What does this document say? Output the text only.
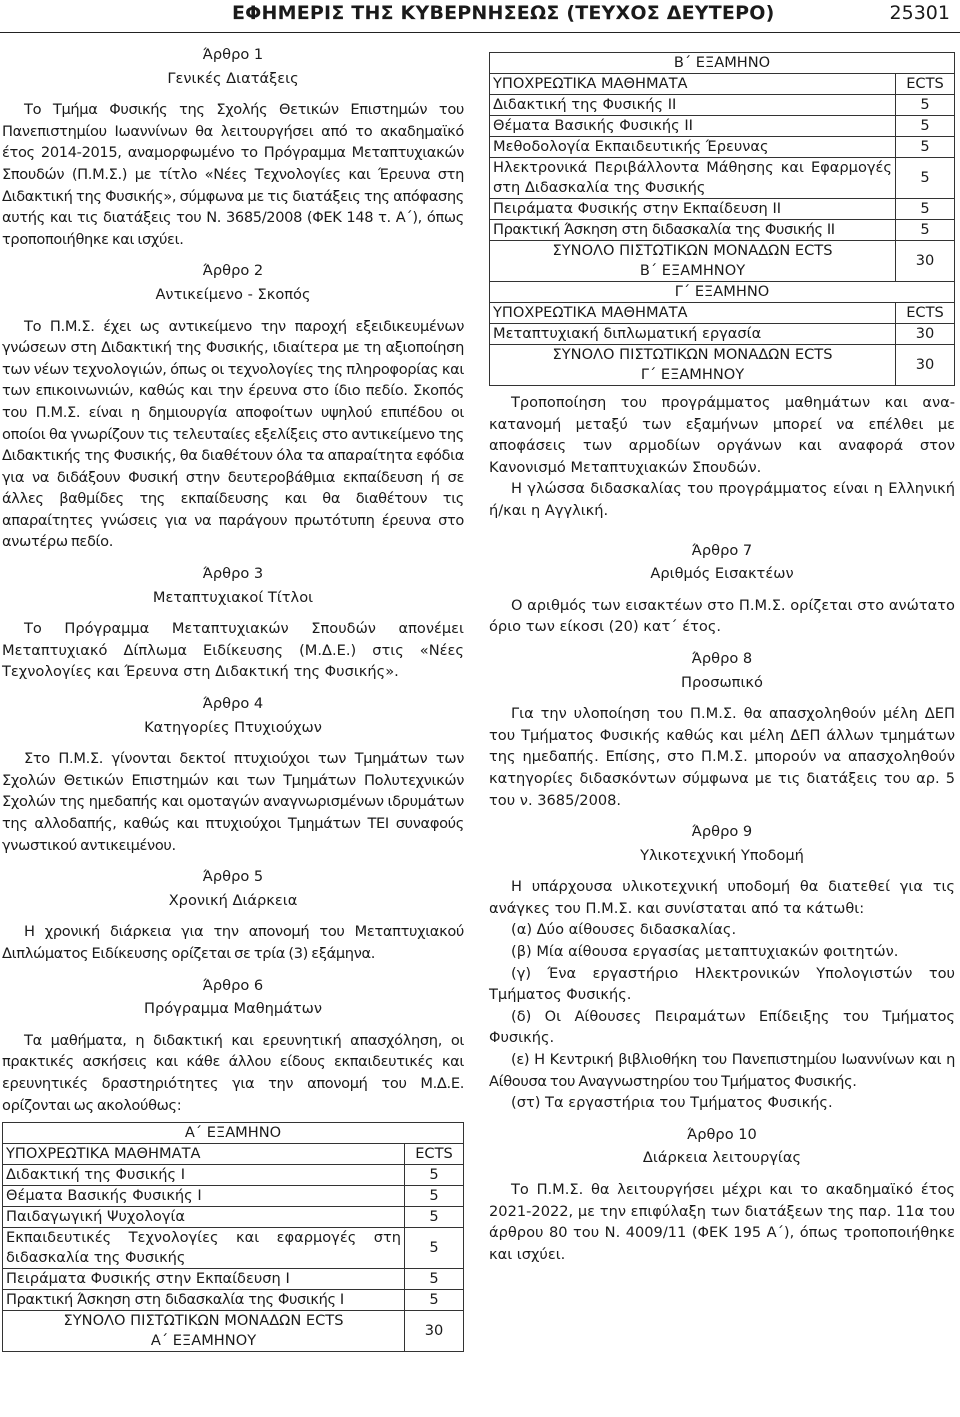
ΕΦΗΜΕΡΙΣ ΤΗΣ ΚΥΒΕΡΝΗΣΕΩΣ (ΤΕΥΧΟΣ ΔΕΥΤΕΡΟ)	25301
Άρθρο 1
Γενικές Διατάξεις

Το Τμήμα Φυσικής της Σχολής Θετικών Επιστημών του Πανεπιστημίου Ιωαννίνων θα λειτουργήσει από το ακαδημαϊκό έτος 2014-2015, αναμορφωμένο το Πρόγραμμα Μεταπτυχιακών Σπουδών (Π.Μ.Σ.) με τίτλο «Νέες Τεχνολογίες και Έρευνα στη Διδακτική της Φυσικής», σύμφωνα με τις διατάξεις της απόφασης αυτής και τις διατάξεις του Ν. 3685/2008 (ΦΕΚ 148 τ. Α΄), όπως τροποποιήθηκε και ισχύει.

Άρθρο 2
Αντικείμενο - Σκοπός

Το Π.Μ.Σ. έχει ως αντικείμενο την παροχή εξειδικευμένων γνώσεων στη Διδακτική της Φυσικής, ιδιαίτερα με τη αξιοποίηση των νέων τεχνολογιών, όπως οι τεχνολογίες της πληροφορίας και των επικοινωνιών, καθώς και την έρευνα στο ίδιο πεδίο. Σκοπός του Π.Μ.Σ. είναι η δημιουργία αποφοίτων υψηλού επιπέδου οι οποίοι θα γνωρίζουν τις τελευταίες εξελίξεις στο αντικείμενο της Διδακτικής της Φυσικής, θα διαθέτουν όλα τα απαραίτητα εφόδια για να διδάξουν Φυσική στην δευτεροβάθμια εκπαίδευση ή σε άλλες βαθμίδες της εκπαίδευσης και θα διαθέτουν τις απαραίτητες γνώσεις για να παράγουν πρωτότυπη έρευνα στο ανωτέρω πεδίο.

Άρθρο 3
Μεταπτυχιακοί Τίτλοι

Το Πρόγραμμα Μεταπτυχιακών Σπουδών απονέμει Μεταπτυχιακό Δίπλωμα Ειδίκευσης (Μ.Δ.Ε.) στις «Νέες Τεχνολογίες και Έρευνα στη Διδακτική της Φυσικής».

Άρθρο 4
Κατηγορίες Πτυχιούχων

Στο Π.Μ.Σ. γίνονται δεκτοί πτυχιούχοι των Τμημάτων των Σχολών Θετικών Επιστημών και των Τμημάτων Πολυτεχνικών Σχολών της ημεδαπής και ομοταγών αναγνωρισμένων ιδρυμάτων της αλλοδαπής, καθώς και πτυχιούχοι Τμημάτων ΤΕΙ συναφούς γνωστικού αντικειμένου.

Άρθρο 5
Χρονική Διάρκεια

Η χρονική διάρκεια για την απονομή του Μεταπτυχιακού Διπλώματος Ειδίκευσης ορίζεται σε τρία (3) εξάμηνα.

Άρθρο 6
Πρόγραμμα Μαθημάτων

Τα μαθήματα, η διδακτική και ερευνητική απασχόληση, οι πρακτικές ασκήσεις και κάθε άλλου είδους εκπαιδευτικές και ερευνητικές δραστηριότητες για την απονομή του Μ.Δ.Ε. ορίζονται ως ακολούθως:

Α΄ ΕΞΑΜΗΝΟ	
ΥΠΟΧΡΕΩΤΙΚΑ ΜΑΘΗΜΑΤΑ	ECTS
Διδακτική της Φυσικής Ι	5
Θέματα Βασικής Φυσικής Ι	5
Παιδαγωγική Ψυχολογία	5
Εκπαιδευτικές Τεχνολογίες και εφαρμογές στη διδασκαλία της Φυσικής	5
Πειράματα Φυσικής στην Εκπαίδευση Ι	5
Πρακτική Άσκηση στη διδασκαλία της Φυσικής Ι	5

ΣΥΝΟΛΟ ΠΙΣΤΩΤΙΚΩΝ ΜΟΝΑΔΩΝ ECTS
Α΄ ΕΞΑΜΗΝΟΥ	30
Β΄ ΕΞΑΜΗΝΟ	
ΥΠΟΧΡΕΩΤΙΚΑ ΜΑΘΗΜΑΤΑ	ECTS
Διδακτική της Φυσικής ΙΙ	5
Θέματα Βασικής Φυσικής ΙΙ	5
Μεθοδολογία Εκπαιδευτικής Έρευνας	5
Ηλεκτρονικά Περιβάλλοντα Μάθησης και Εφαρμογές στη Διδασκαλία της Φυσικής	5
Πειράματα Φυσικής στην Εκπαίδευση ΙΙ	5
Πρακτική Άσκηση στη διδασκαλία της Φυσικής ΙΙ	5

ΣΥΝΟΛΟ ΠΙΣΤΩΤΙΚΩΝ ΜΟΝΑΔΩΝ ECTS
Β΄ ΕΞΑΜΗΝΟΥ	30
Γ΄ ΕΞΑΜΗΝΟ	
ΥΠΟΧΡΕΩΤΙΚΑ ΜΑΘΗΜΑΤΑ	ECTS
Μεταπτυχιακή διπλωματική εργασία	30

ΣΥΝΟΛΟ ΠΙΣΤΩΤΙΚΩΝ ΜΟΝΑΔΩΝ ECTS
Γ΄ ΕΞΑΜΗΝΟΥ	30

Τροποποίηση του προγράμματος μαθημάτων και ανακατανομή μεταξύ των εξαμήνων μπορεί να επέλθει με αποφάσεις των αρμοδίων οργάνων και αναφορά στον Κανονισμό Μεταπτυχιακών Σπουδών.

Η γλώσσα διδασκαλίας του προγράμματος είναι η Ελληνική ή/και η Αγγλική.

Άρθρο 7
Αριθμός Εισακτέων

Ο αριθμός των εισακτέων στο Π.Μ.Σ. ορίζεται στο ανώτατο όριο των είκοσι (20) κατ΄ έτος.

Άρθρο 8
Προσωπικό

Για την υλοποίηση του Π.Μ.Σ. θα απασχοληθούν μέλη ΔΕΠ του Τμήματος Φυσικής καθώς και μέλη ΔΕΠ άλλων τμημάτων της ημεδαπής. Επίσης, στο Π.Μ.Σ. μπορούν να απασχοληθούν κατηγορίες διδασκόντων σύμφωνα με τις διατάξεις του αρ. 5 του ν. 3685/2008.

Άρθρο 9
Υλικοτεχνική Υποδομή

Η υπάρχουσα υλικοτεχνική υποδομή θα διατεθεί για τις ανάγκες του Π.Μ.Σ. και συνίσταται από τα κάτωθι:

(α) Δύο αίθουσες διδασκαλίας.

(β) Μία αίθουσα εργασίας μεταπτυχιακών φοιτητών.

(γ) Ένα εργαστήριο Ηλεκτρονικών Υπολογιστών του Τμήματος Φυσικής.

(δ) Οι Αίθουσες Πειραμάτων Επίδειξης του Τμήματος Φυσικής.

(ε) Η Κεντρική βιβλιοθήκη του Πανεπιστημίου Ιωαννίνων και η Αίθουσα του Αναγνωστηρίου του Τμήματος Φυσικής.

(στ) Τα εργαστήρια του Τμήματος Φυσικής.

Άρθρο 10
Διάρκεια λειτουργίας

Το Π.Μ.Σ. θα λειτουργήσει μέχρι και το ακαδημαϊκό έτος 2021-2022, με την επιφύλαξη των διατάξεων της παρ. 11α του άρθρου 80 του Ν. 4009/11 (ΦΕΚ 195 Α΄), όπως τροποποιήθηκε και ισχύει.
